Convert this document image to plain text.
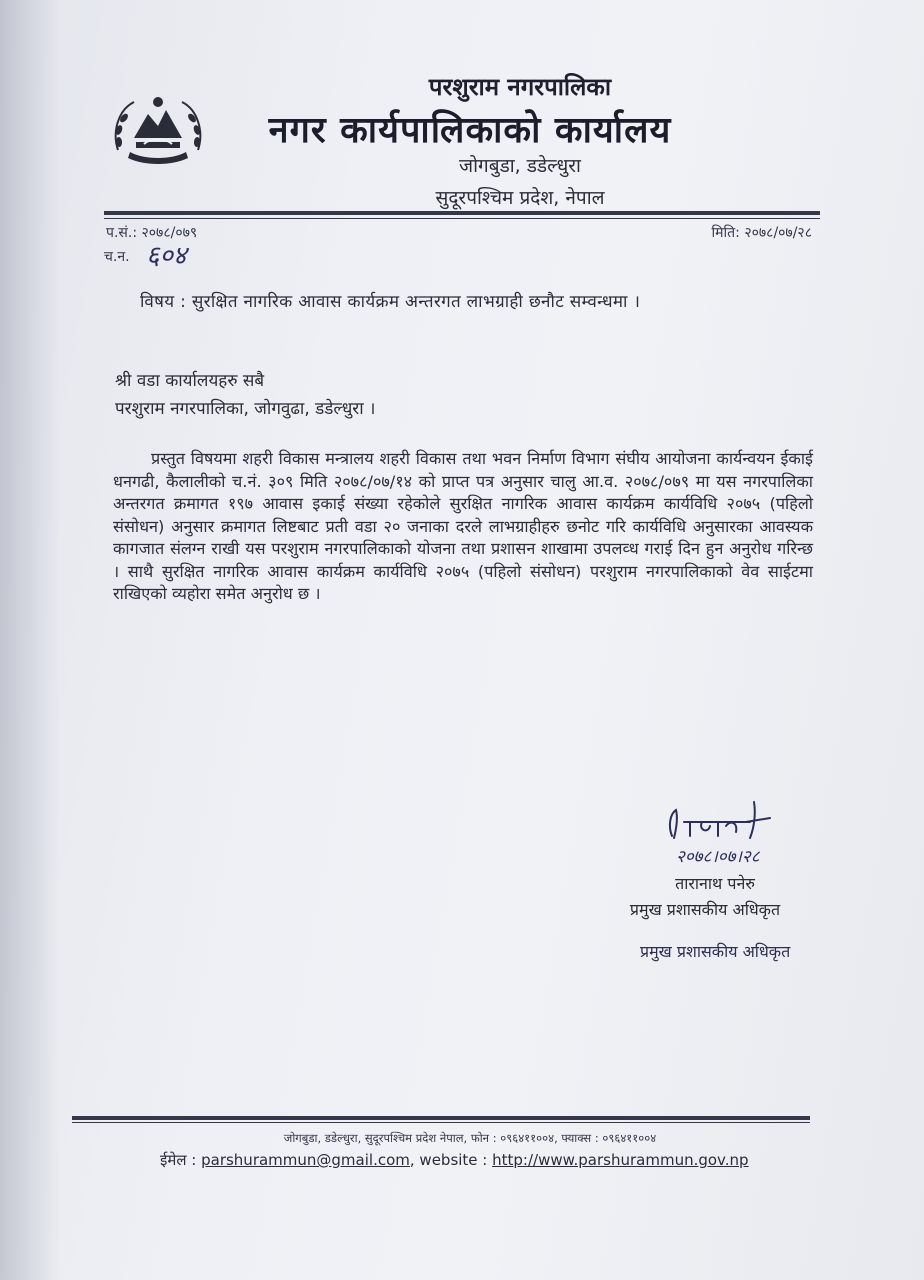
परशुराम नगरपालिका
नगर कार्यपालिकाको कार्यालय
जोगबुडा, डडेल्धुरा
सुदूरपश्चिम प्रदेश, नेपाल
प.सं.: २०७८/०७९	मिति: २०७८/०७/२८
च.न. ६०४
विषय : सुरक्षित नागरिक आवास कार्यक्रम अन्तरगत लाभग्राही छनौट सम्वन्धमा ।
श्री वडा कार्यालयहरु सबै
परशुराम नगरपालिका, जोगवुढा, डडेल्धुरा ।
प्रस्तुत विषयमा शहरी विकास मन्त्रालय शहरी विकास तथा भवन निर्माण विभाग संघीय आयोजना कार्यन्वयन ईकाई धनगढी, कैलालीको च.नं. ३०९ मिति २०७८/०७/१४ को प्राप्त पत्र अनुसार चालु आ.व. २०७८/०७९ मा यस नगरपालिका अन्तरगत क्रमागत १९७ आवास इकाई संख्या रहेकोले सुरक्षित नागरिक आवास कार्यक्रम कार्यविधि २०७५ (पहिलो संसोधन) अनुसार क्रमागत लिष्टबाट प्रती वडा २० जनाका दरले लाभग्राहीहरु छनोट गरि कार्यविधि अनुसारका आवस्यक कागजात संलग्न राखी यस परशुराम नगरपालिकाको योजना तथा प्रशासन शाखामा उपलव्ध गराई दिन हुन अनुरोध गरिन्छ । साथै सुरक्षित नागरिक आवास कार्यक्रम कार्यविधि २०७५ (पहिलो संसोधन) परशुराम नगरपालिकाको वेव साईटमा राखिएको व्यहोरा समेत अनुरोध छ ।
२०७८।०७।२८
तारानाथ पनेरु
प्रमुख प्रशासकीय अधिकृत
प्रमुख प्रशासकीय अधिकृत
जोगबुडा, डडेल्धुरा, सुदूरपश्चिम प्रदेश नेपाल, फोन : ०९६४११००४, फ्याक्स : ०९६४११००४
ईमेल : parshurammun@gmail.com, website : http://www.parshurammun.gov.np
